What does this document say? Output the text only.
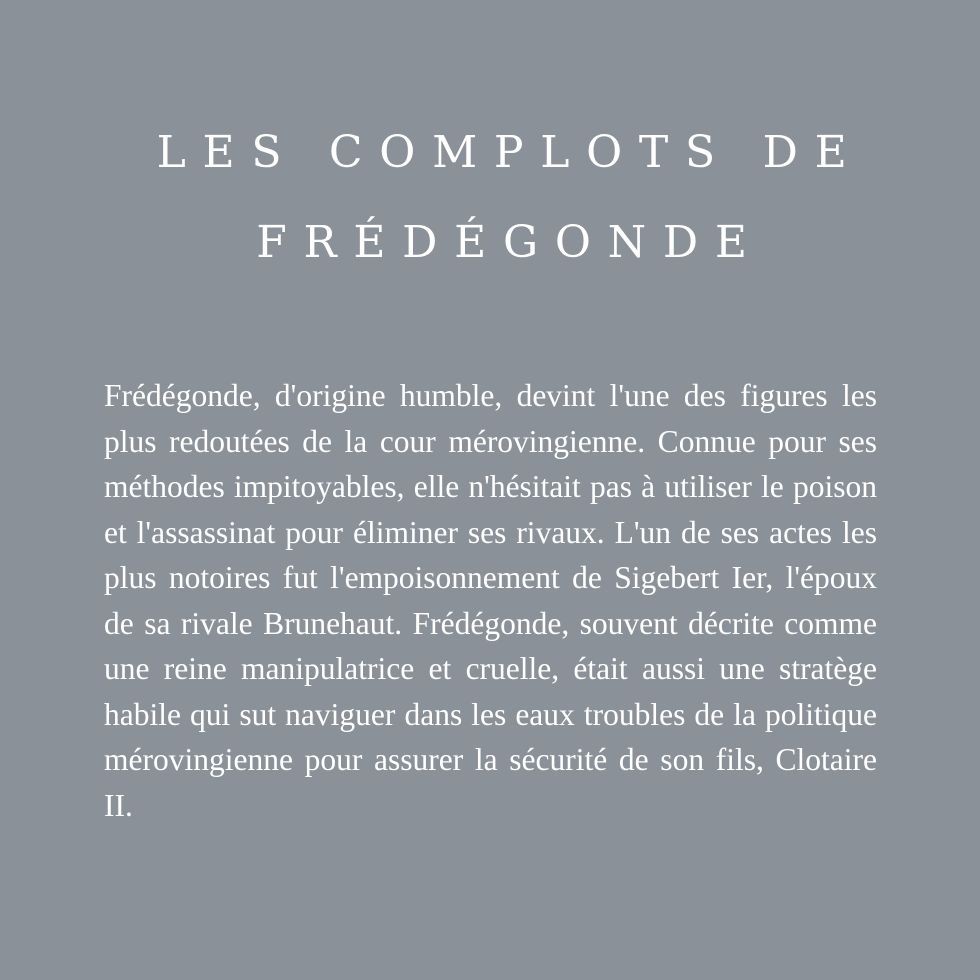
LES COMPLOTS DE
FRÉDÉGONDE

Frédégonde, d'origine humble, devint l'une des figures les plus redoutées de la cour mérovingienne. Connue pour ses méthodes impitoyables, elle n'hésitait pas à utiliser le poison et l'assassinat pour éliminer ses rivaux. L'un de ses actes les plus notoires fut l'empoisonnement de Sigebert Ier, l'époux de sa rivale Brunehaut. Frédégonde, souvent décrite comme une reine manipulatrice et cruelle, était aussi une stratège habile qui sut naviguer dans les eaux troubles de la politique mérovingienne pour assurer la sécurité de son fils, Clotaire II.
